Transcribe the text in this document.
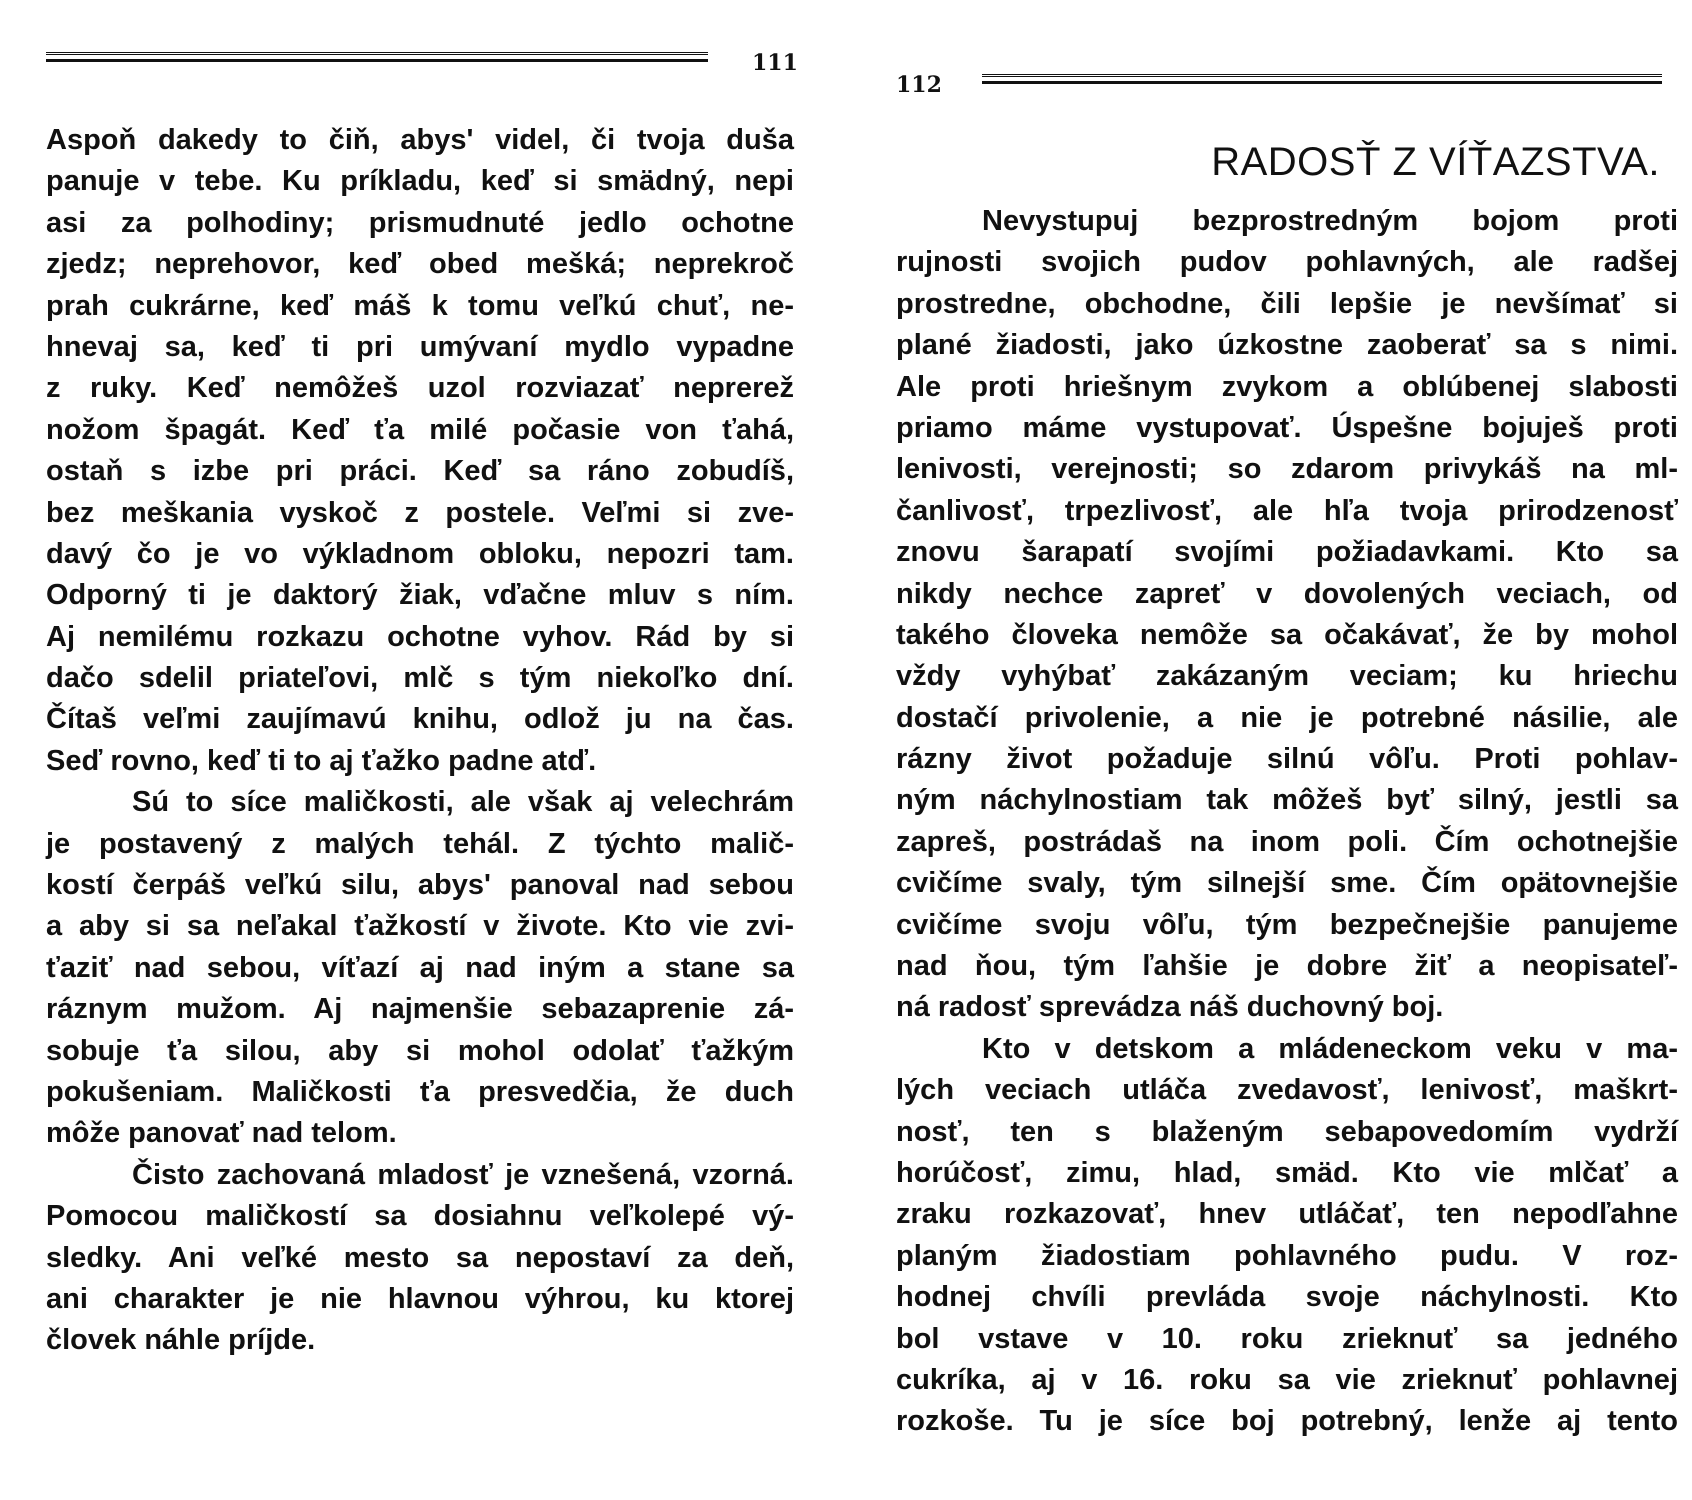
111
Aspoň dakedy to čiň, abys' videl, či tvoja duša
panuje v tebe. Ku príkladu, keď si smädný, nepi
asi za polhodiny; prismudnuté jedlo ochotne
zjedz; neprehovor, keď obed mešká; neprekroč
prah cukrárne, keď máš k tomu veľkú chuť, ne-
hnevaj sa, keď ti pri umývaní mydlo vypadne
z ruky. Keď nemôžeš uzol rozviazať neprerež
nožom špagát. Keď ťa milé počasie von ťahá,
ostaň s izbe pri práci. Keď sa ráno zobudíš,
bez meškania vyskoč z postele. Veľmi si zve-
davý čo je vo výkladnom obloku, nepozri tam.
Odporný ti je daktorý žiak, vďačne mluv s ním.
Aj nemilému rozkazu ochotne vyhov. Rád by si
dačo sdelil priateľovi, mlč s tým niekoľko dní.
Čítaš veľmi zaujímavú knihu, odlož ju na čas.
Seď rovno, keď ti to aj ťažko padne atď.
Sú to síce maličkosti, ale však aj velechrám
je postavený z malých tehál. Z týchto malič-
kostí čerpáš veľkú silu, abys' panoval nad sebou
a aby si sa neľakal ťažkostí v živote. Kto vie zvi-
ťaziť nad sebou, víťazí aj nad iným a stane sa
ráznym mužom. Aj najmenšie sebazaprenie zá-
sobuje ťa silou, aby si mohol odolať ťažkým
pokušeniam. Maličkosti ťa presvedčia, že duch
môže panovať nad telom.
Čisto zachovaná mladosť je vznešená, vzorná.
Pomocou maličkostí sa dosiahnu veľkolepé vý-
sledky. Ani veľké mesto sa nepostaví za deň,
ani charakter je nie hlavnou výhrou, ku ktorej
človek náhle príjde.
112
RADOSŤ Z VÍŤAZSTVA.
Nevystupuj bezprostredným bojom proti
rujnosti svojich pudov pohlavných, ale radšej
prostredne, obchodne, čili lepšie je nevšímať si
plané žiadosti, jako úzkostne zaoberať sa s nimi.
Ale proti hriešnym zvykom a oblúbenej slabosti
priamo máme vystupovať. Úspešne bojuješ proti
lenivosti, verejnosti; so zdarom privykáš na ml-
čanlivosť, trpezlivosť, ale hľa tvoja prirodzenosť
znovu šarapatí svojími požiadavkami. Kto sa
nikdy nechce zapreť v dovolených veciach, od
takého človeka nemôže sa očakávať, že by mohol
vždy vyhýbať zakázaným veciam; ku hriechu
dostačí privolenie, a nie je potrebné násilie, ale
rázny život požaduje silnú vôľu. Proti pohlav-
ným náchylnostiam tak môžeš byť silný, jestli sa
zapreš, postrádaš na inom poli. Čím ochotnejšie
cvičíme svaly, tým silnejší sme. Čím opätovnejšie
cvičíme svoju vôľu, tým bezpečnejšie panujeme
nad ňou, tým ľahšie je dobre žiť a neopisateľ-
ná radosť sprevádza náš duchovný boj.
Kto v detskom a mládeneckom veku v ma-
lých veciach utláča zvedavosť, lenivosť, maškrt-
nosť, ten s blaženým sebapovedomím vydrží
horúčosť, zimu, hlad, smäd. Kto vie mlčať a
zraku rozkazovať, hnev utláčať, ten nepodľahne
planým žiadostiam pohlavného pudu. V roz-
hodnej chvíli prevláda svoje náchylnosti. Kto
bol vstave v 10. roku zrieknuť sa jedného
cukríka, aj v 16. roku sa vie zrieknuť pohlavnej
rozkoše. Tu je síce boj potrebný, lenže aj tento
